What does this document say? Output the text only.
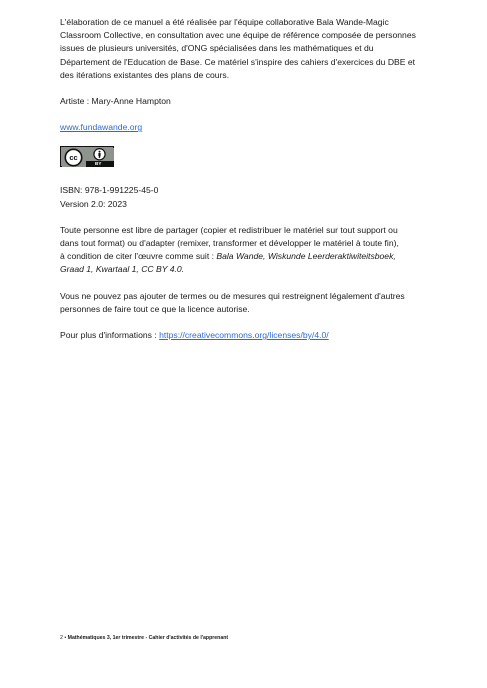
L'élaboration de ce manuel a été réalisée par l'équipe collaborative Bala Wande-Magic
Classroom Collective, en consultation avec une équipe de référence composée de personnes
issues de plusieurs universités, d'ONG spécialisées dans les mathématiques et du
Département de l'Education de Base. Ce matériel s'inspire des cahiers d'exercices du DBE et
des itérations existantes des plans de cours.

Artiste : Mary-Anne Hampton

www.fundawande.org

cc
BY
ISBN: 978-1-991225-45-0
Version 2.0: 2023

Toute personne est libre de partager (copier et redistribuer le matériel sur tout support ou
dans tout format) ou d'adapter (remixer, transformer et développer le matériel à toute fin),
à condition de citer l'œuvre comme suit : Bala Wande, Wiskunde Leerderaktiwiteitsboek,
Graad 1, Kwartaal 1, CC BY 4.0.

Vous ne pouvez pas ajouter de termes ou de mesures qui restreignent légalement d'autres
personnes de faire tout ce que la licence autorise.

Pour plus d'informations : https://creativecommons.org/licenses/by/4.0/

2 • Mathématiques 3, 1er trimestre - Cahier d'activités de l'apprenant
